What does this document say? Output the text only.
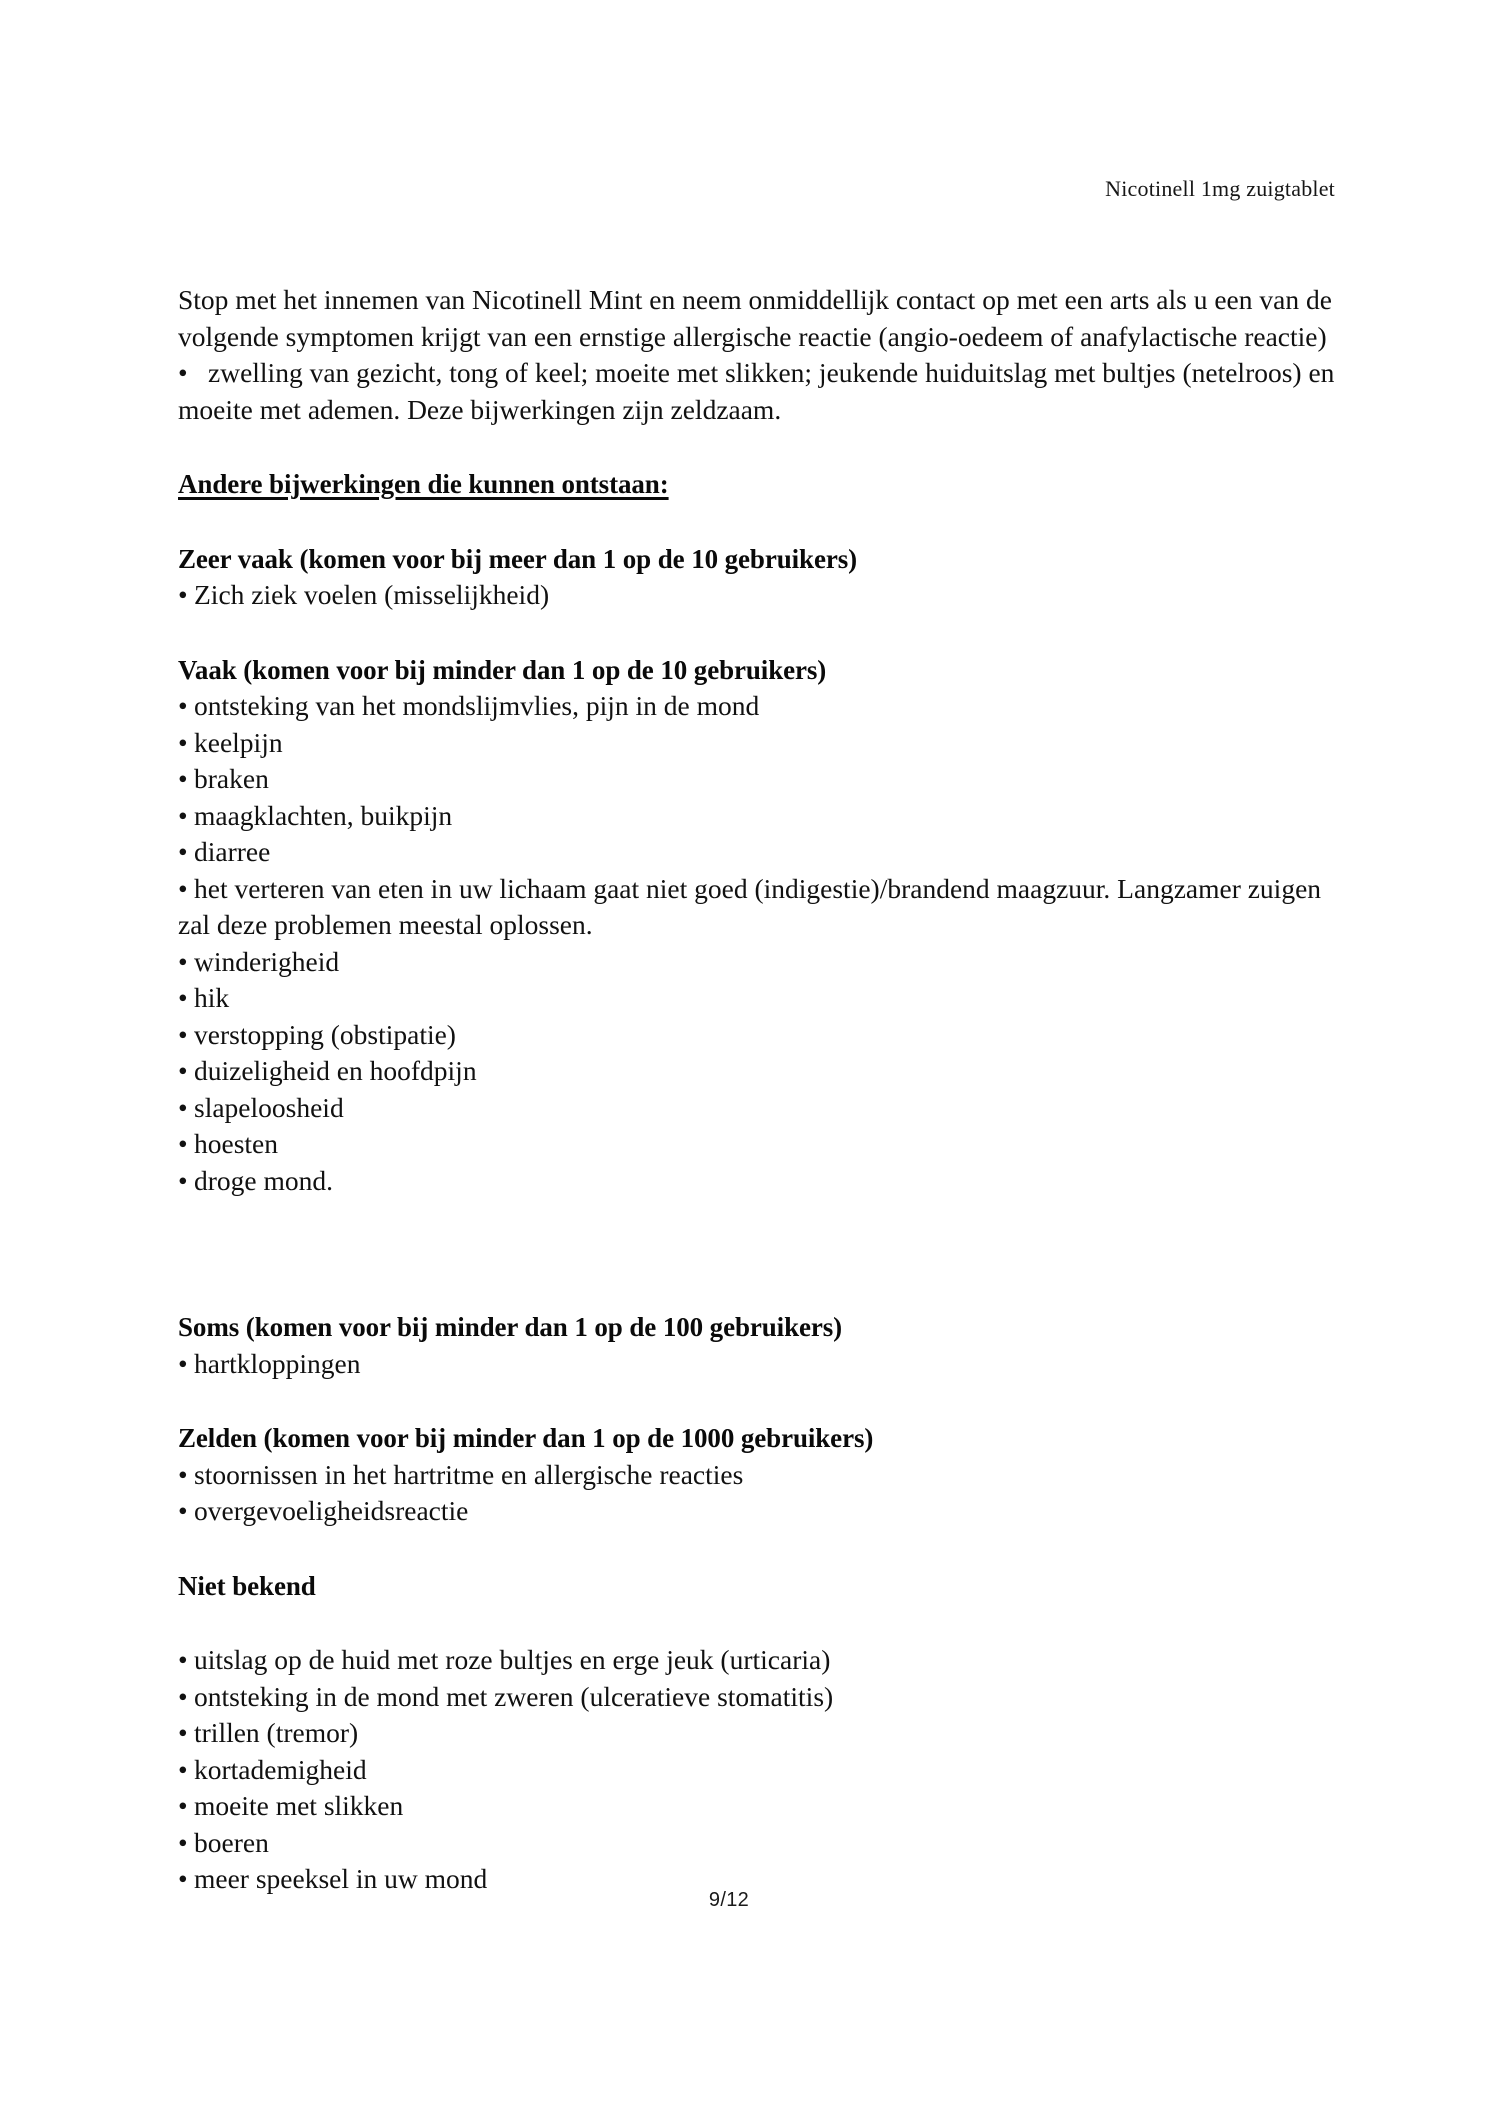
Nicotinell 1mg zuigtablet

Stop met het innemen van Nicotinell Mint en neem onmiddellijk contact op met een arts als u een van de volgende symptomen krijgt van een ernstige allergische reactie (angio-oedeem of anafylactische reactie)

• zwelling van gezicht, tong of keel; moeite met slikken; jeukende huiduitslag met bultjes (netelroos) en moeite met ademen. Deze bijwerkingen zijn zeldzaam.

Andere bijwerkingen die kunnen ontstaan:
Zeer vaak (komen voor bij meer dan 1 op de 10 gebruikers)
• Zich ziek voelen (misselijkheid)
Vaak (komen voor bij minder dan 1 op de 10 gebruikers)
• ontsteking van het mondslijmvlies, pijn in de mond
• keelpijn
• braken
• maagklachten, buikpijn
• diarree
• het verteren van eten in uw lichaam gaat niet goed (indigestie)/brandend maagzuur. Langzamer zuigen zal deze problemen meestal oplossen.
• winderigheid
• hik
• verstopping (obstipatie)
• duizeligheid en hoofdpijn
• slapeloosheid
• hoesten
• droge mond.
Soms (komen voor bij minder dan 1 op de 100 gebruikers)
• hartkloppingen
Zelden (komen voor bij minder dan 1 op de 1000 gebruikers)
• stoornissen in het hartritme en allergische reacties
• overgevoeligheidsreactie
Niet bekend
• uitslag op de huid met roze bultjes en erge jeuk (urticaria)
• ontsteking in de mond met zweren (ulceratieve stomatitis)
• trillen (tremor)
• kortademigheid
• moeite met slikken
• boeren
• meer speeksel in uw mond
9/12
